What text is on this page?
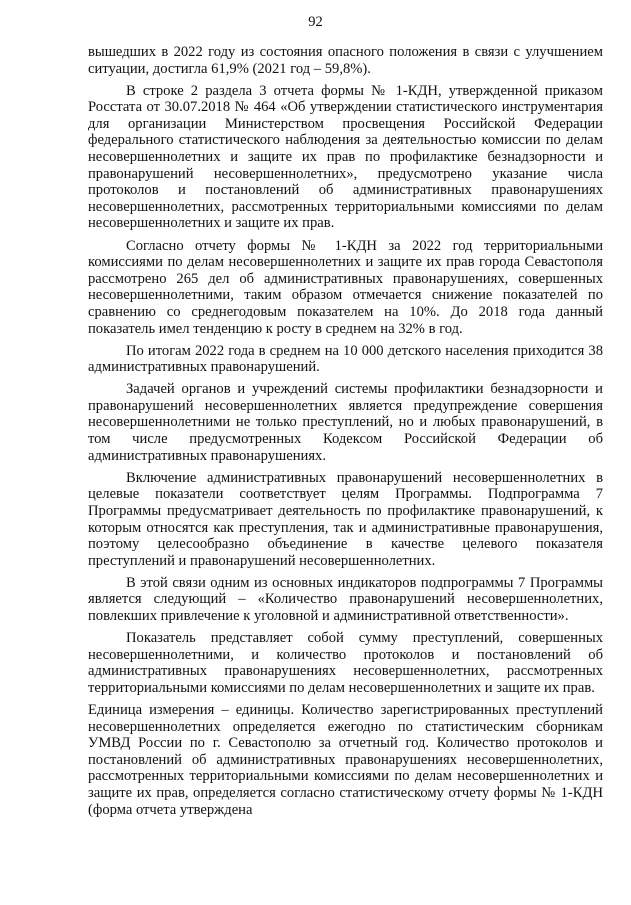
92

вышедших в 2022 году из состояния опасного положения в связи с улучшением ситуации, достигла 61,9% (2021 год – 59,8%).

В строке 2 раздела 3 отчета формы № 1-КДН, утвержденной приказом Росстата от 30.07.2018 № 464 «Об утверждении статистического инструментария для организации Министерством просвещения Российской Федерации федерального статистического наблюдения за деятельностью комиссии по делам несовершеннолетних и защите их прав по профилактике безнадзорности и правонарушений несовершеннолетних», предусмотрено указание числа протоколов и постановлений об административных правонарушениях несовершеннолетних, рассмотренных территориальными комиссиями по делам несовершеннолетних и защите их прав.

Согласно отчету формы № 1-КДН за 2022 год территориальными комиссиями по делам несовершеннолетних и защите их прав города Севастополя рассмотрено 265 дел об административных правонарушениях, совершенных несовершеннолетними, таким образом отмечается снижение показателей по сравнению со среднегодовым показателем на 10%. До 2018 года данный показатель имел тенденцию к росту в среднем на 32% в год.

По итогам 2022 года в среднем на 10 000 детского населения приходится 38 административных правонарушений.

Задачей органов и учреждений системы профилактики безнадзорности и правонарушений несовершеннолетних является предупреждение совершения несовершеннолетними не только преступлений, но и любых правонарушений, в том числе предусмотренных Кодексом Российской Федерации об административных правонарушениях.

Включение административных правонарушений несовершеннолетних в целевые показатели соответствует целям Программы. Подпрограмма 7 Программы предусматривает деятельность по профилактике правонарушений, к которым относятся как преступления, так и административные правонарушения, поэтому целесообразно объединение в качестве целевого показателя преступлений и правонарушений несовершеннолетних.

В этой связи одним из основных индикаторов подпрограммы 7 Программы является следующий – «Количество правонарушений несовершеннолетних, повлекших привлечение к уголовной и административной ответственности».

Показатель представляет собой сумму преступлений, совершенных несовершеннолетними, и количество протоколов и постановлений об административных правонарушениях несовершеннолетних, рассмотренных территориальными комиссиями по делам несовершеннолетних и защите их прав.

Единица измерения – единицы. Количество зарегистрированных преступлений несовершеннолетних определяется ежегодно по статистическим сборникам УМВД России по г. Севастополю за отчетный год. Количество протоколов и постановлений об административных правонарушениях несовершеннолетних, рассмотренных территориальными комиссиями по делам несовершеннолетних и защите их прав, определяется согласно статистическому отчету формы № 1-КДН (форма отчета утверждена
